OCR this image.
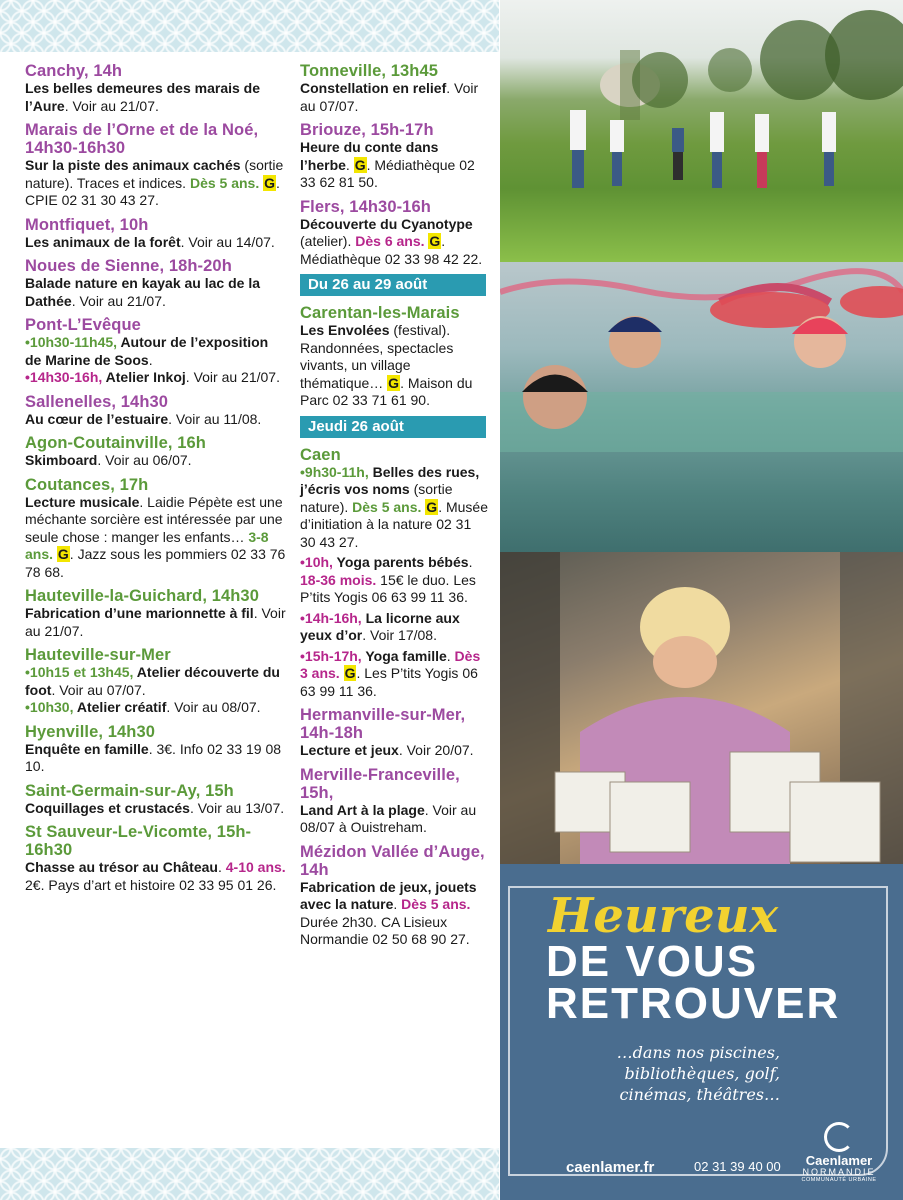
Canchy, 14h
Les belles demeures des marais de l’Aure. Voir au 21/07.
Marais de l’Orne et de la Noé, 14h30-16h30
Sur la piste des animaux cachés (sortie nature). Traces et indices. Dès 5 ans. G. CPIE 02 31 30 43 27.
Montfiquet, 10h
Les animaux de la forêt. Voir au 14/07.
Noues de Sienne, 18h-20h
Balade nature en kayak au lac de la Dathée. Voir au 21/07.
Pont-L’Evêque
•10h30-11h45, Autour de l’exposition de Marine de Soos.
•14h30-16h, Atelier Inkoj. Voir au 21/07.
Sallenelles, 14h30
Au cœur de l’estuaire. Voir au 11/08.
Agon-Coutainville, 16h
Skimboard. Voir au 06/07.
Coutances, 17h
Lecture musicale. Laidie Pépète est une méchante sorcière est intéressée par une seule chose : manger les enfants… 3-8 ans. G. Jazz sous les pommiers 02 33 76 78 68.
Hauteville-la-Guichard, 14h30
Fabrication d’une marionnette à fil. Voir au 21/07.
Hauteville-sur-Mer
•10h15 et 13h45, Atelier découverte du foot. Voir au 07/07.
•10h30, Atelier créatif. Voir au 08/07.
Hyenville, 14h30
Enquête en famille. 3€. Info 02 33 19 08 10.
Saint-Germain-sur-Ay, 15h
Coquillages et crustacés. Voir au 13/07.
St Sauveur-Le-Vicomte, 15h-16h30
Chasse au trésor au Château. 4-10 ans. 2€. Pays d’art et histoire 02 33 95 01 26.
Tonneville, 13h45
Constellation en relief. Voir au 07/07.
Briouze, 15h-17h
Heure du conte dans l’herbe. G. Médiathèque 02 33 62 81 50.
Flers, 14h30-16h
Découverte du Cyanotype (atelier). Dès 6 ans. G. Médiathèque 02 33 98 42 22.
Du 26 au 29 août
Carentan-les-Marais
Les Envolées (festival). Randonnées, spectacles vivants, un village thématique… G. Maison du Parc 02 33 71 61 90.
Jeudi 26 août
Caen
•9h30-11h, Belles des rues, j’écris vos noms (sortie nature). Dès 5 ans. G. Musée d’initiation à la nature 02 31 30 43 27.
•10h, Yoga parents bébés. 18-36 mois. 15€ le duo. Les P’tits Yogis 06 63 99 11 36.
•14h-16h, La licorne aux yeux d’or. Voir 17/08.
•15h-17h, Yoga famille. Dès 3 ans. G. Les P’tits Yogis 06 63 99 11 36.
Hermanville-sur-Mer, 14h-18h
Lecture et jeux. Voir 20/07.
Merville-Franceville, 15h,
Land Art à la plage. Voir au 08/07 à Ouistreham.
Mézidon Vallée d’Auge, 14h
Fabrication de jeux, jouets avec la nature. Dès 5 ans. Durée 2h30. CA Lisieux Normandie 02 50 68 90 27.	Heureux
DE VOUS
RETROUVER
…dans nos piscines, bibliothèques, golf, cinémas, théâtres…
caenlamer.fr	02 31 39 40 00	Caenlamer
NORMANDIE
COMMUNAUTÉ URBAINE
